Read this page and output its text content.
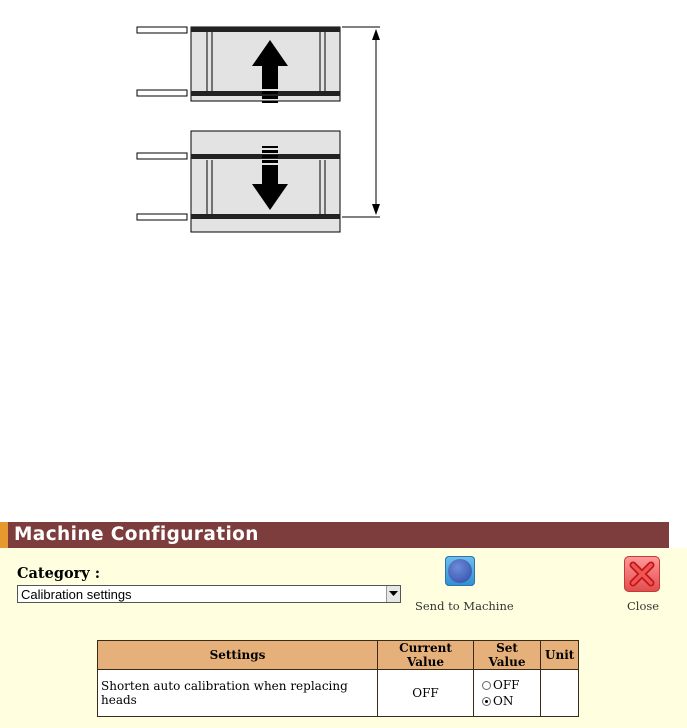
Machine Configuration
Category :
Calibration settings
Send to Machine	Close
Settings	Current Value	Set Value	Unit
Shorten auto calibration when replacing heads	OFF	OFF
ON	
